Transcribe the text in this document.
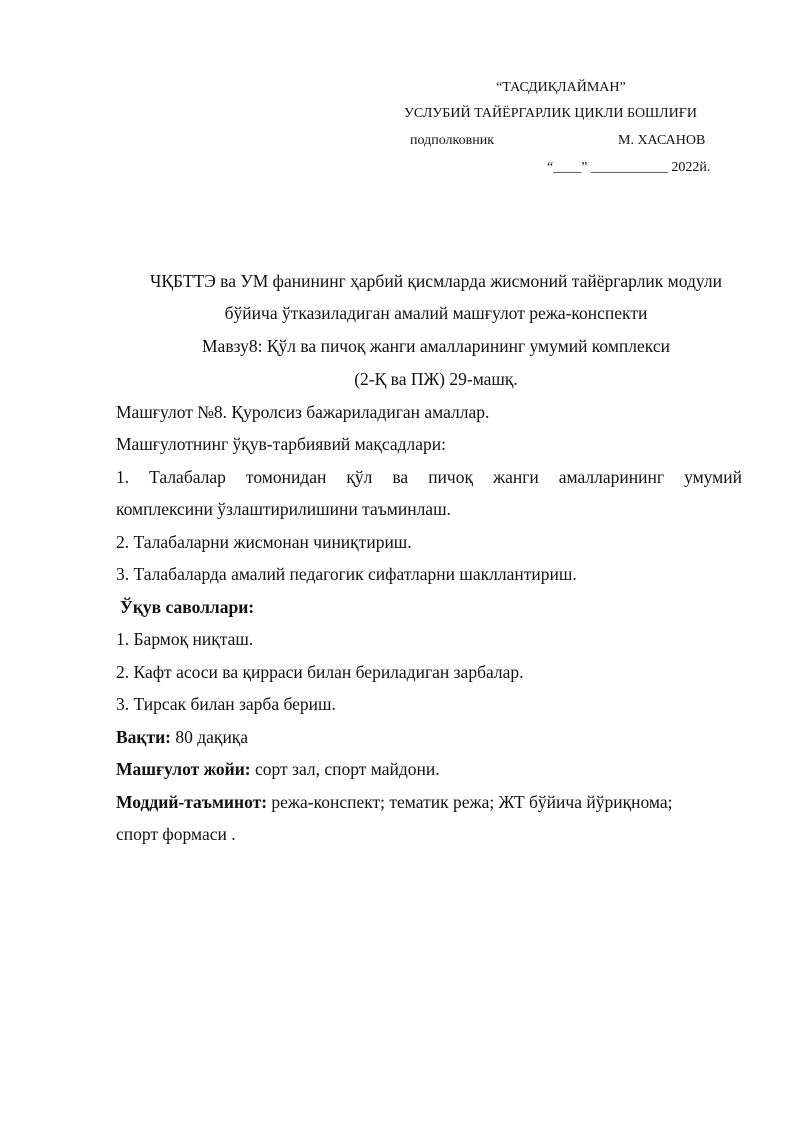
“ТАСДИҚЛАЙМАН”
УСЛУБИЙ ТАЙЁРГАРЛИК ЦИКЛИ БОШЛИҒИ
подполковник	М. ХАСАНОВ
“____” ___________ 2022й.
ЧҚБТТЭ ва УМ фанининг ҳарбий қисмларда жисмоний тайёргарлик модули
бўйича ўтказиладиган амалий машғулот режа-конспекти
Мавзу8: Қўл ва пичоқ жанги амалларининг умумий комплекси
(2-Қ ва ПЖ) 29-машқ.
Машғулот №8. Қуролсиз бажариладиган амаллар.
Машғулотнинг ўқув-тарбиявий мақсадлари:
1. Талабалар томонидан қўл ва пичоқ жанги амалларининг умумий
комплексини ўзлаштирилишини таъминлаш.
2. Талабаларни жисмонан чиниқтириш.
3. Талабаларда амалий педагогик сифатларни шакллантириш.
Ўқув саволлари:
1. Бармоқ ниқташ.
2. Кафт асоси ва қирраси билан бериладиган зарбалар.
3. Тирсак билан зарба бериш.
Вақти: 80 дақиқа
Машғулот жойи: сорт зал, спорт майдони.
Моддий-таъминот: режа-конспект; тематик режа; ЖТ бўйича йўриқнома;
спорт формаси .
